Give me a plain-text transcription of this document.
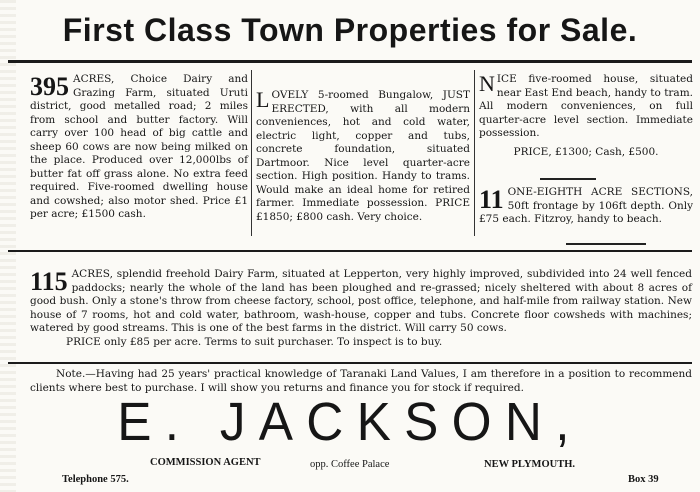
First Class Town Properties for Sale.
395 ACRES, Choice Dairy and Grazing Farm, situated Uruti district, good metalled road; 2 miles from school and butter factory. Will carry over 100 head of big cattle and sheep 60 cows are now being milked on the place. Produced over 12,000lbs of butter fat off grass alone. No extra feed required. Five-roomed dwelling house and cowshed; also motor shed. Price £1 per acre; £1500 cash.
LOVELY 5-roomed Bungalow, JUST ERECTED, with all modern conveniences, hot and cold water, electric light, copper and tubs, concrete foundation, situated Dartmoor. Nice level quarter-acre section. High position. Handy to trams. Would make an ideal home for retired farmer. Immediate possession. PRICE £1850; £800 cash. Very choice.
NICE five-roomed house, situated near East End beach, handy to tram. All modern conveniences, on full quarter-acre level section. Immediate possession.
PRICE, £1300; Cash, £500.
11 ONE-EIGHTH ACRE SECTIONS, 50ft frontage by 106ft depth. Only £75 each. Fitzroy, handy to beach.
115 ACRES, splendid freehold Dairy Farm, situated at Lepperton, very highly improved, subdivided into 24 well fenced paddocks; nearly the whole of the land has been ploughed and re-grassed; nicely sheltered with about 8 acres of good bush. Only a stone's throw from cheese factory, school, post office, telephone, and half-mile from railway station. New house of 7 rooms, hot and cold water, bathroom, wash-house, copper and tubs. Concrete floor cowsheds with machines; watered by good streams. This is one of the best farms in the district. Will carry 50 cows.
PRICE only £85 per acre. Terms to suit purchaser. To inspect is to buy.
Note.—Having had 25 years' practical knowledge of Taranaki Land Values, I am therefore in a position to recommend clients where best to purchase. I will show you returns and finance you for stock if required.
E. JACKSON,
COMMISSION AGENT	opp. Coffee Palace	NEW PLYMOUTH.
Telephone 575.	Box 39
